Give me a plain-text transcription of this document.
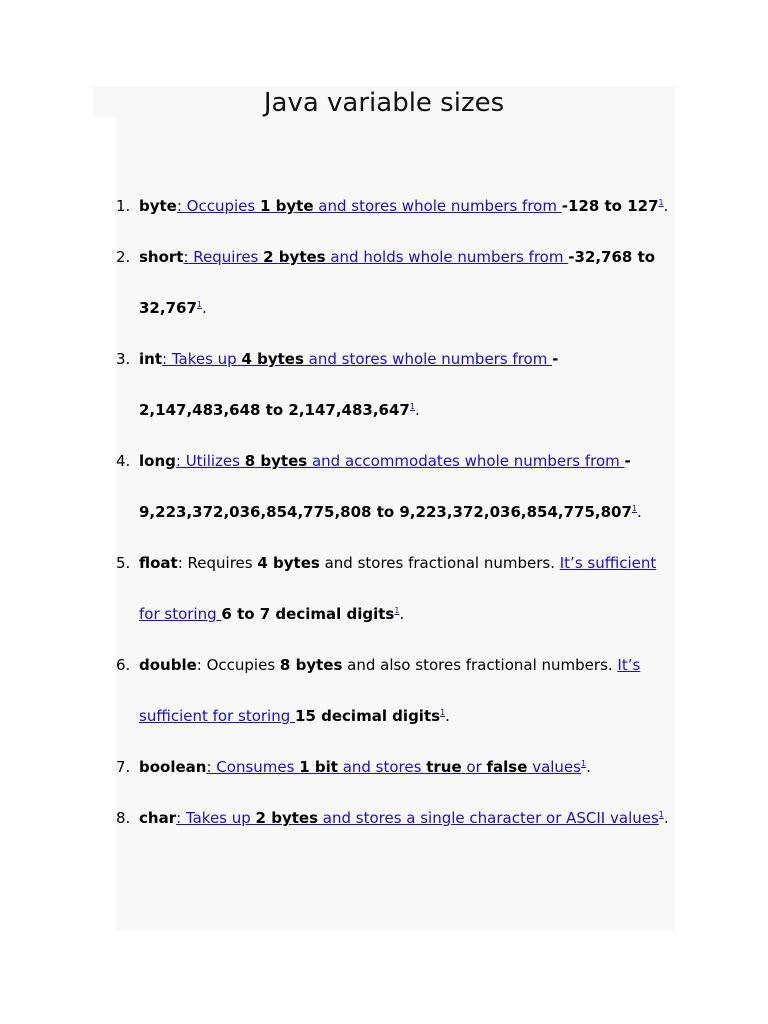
Java variable sizes
1. byte: Occupies 1 byte and stores whole numbers from -128 to $127^1$.
2. short: Requires 2 bytes and holds whole numbers from -32,768 to 32,767$^1$.
3. int: Takes up 4 bytes and stores whole numbers from -
2,147,483,648 to 2,147,483,647$^1$.
4. long: Utilizes 8 bytes and accommodates whole numbers from -
9,223,372,036,854,775,808 to 9,223,372,036,854,775,807$^1$.
5. float: Requires 4 bytes and stores fractional numbers. It’s sufficient for storing 6 to 7 decimal digits$^1$.
6. double: Occupies 8 bytes and also stores fractional numbers. It’s sufficient for storing 15 decimal digits$^1$.
7. boolean: Consumes 1 bit and stores true or false values$^1$.
8. char: Takes up 2 bytes and stores a single character or ASCII values$^1$.
